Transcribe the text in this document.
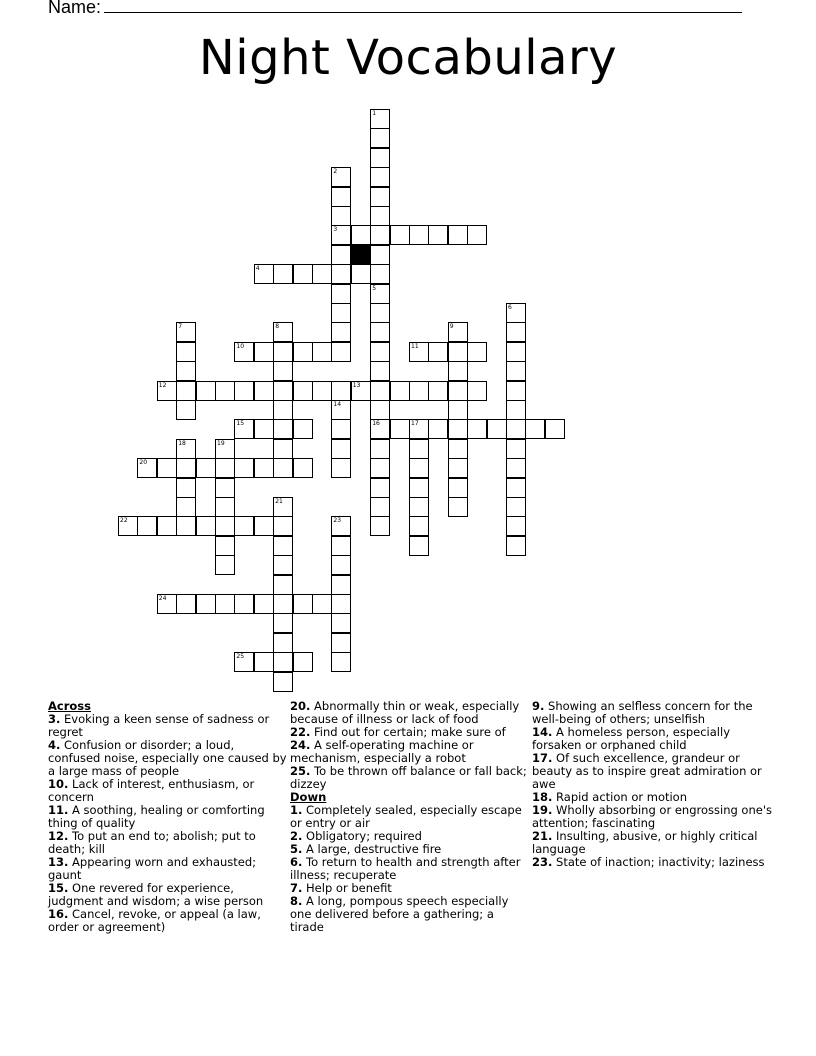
Name:
Night Vocabulary
1
2
3
4
5
16
6
7	8	9
10	11
12	13
14
15	17
18	19
20
21
22	23
24
25
Across
3. Evoking a keen sense of sadness or regret
4. Confusion or disorder; a loud, confused noise, especially one caused by a large mass of people
10. Lack of interest, enthusiasm, or concern
11. A soothing, healing or comforting thing of quality
12. To put an end to; abolish; put to death; kill
13. Appearing worn and exhausted; gaunt
15. One revered for experience, judgment and wisdom; a wise person
16. Cancel, revoke, or appeal (a law, order or agreement)
20. Abnormally thin or weak, especially because of illness or lack of food
22. Find out for certain; make sure of
24. A self-operating machine or mechanism, especially a robot
25. To be thrown off balance or fall back; dizzey
Down
1. Completely sealed, especially escape or entry or air
2. Obligatory; required
5. A large, destructive fire
6. To return to health and strength after illness; recuperate
7. Help or benefit
8. A long, pompous speech especially one delivered before a gathering; a tirade
9. Showing an selfless concern for the well-being of others; unselfish
14. A homeless person, especially forsaken or orphaned child
17. Of such excellence, grandeur or beauty as to inspire great admiration or awe
18. Rapid action or motion
19. Wholly absorbing or engrossing one's attention; fascinating
21. Insulting, abusive, or highly critical language
23. State of inaction; inactivity; laziness
